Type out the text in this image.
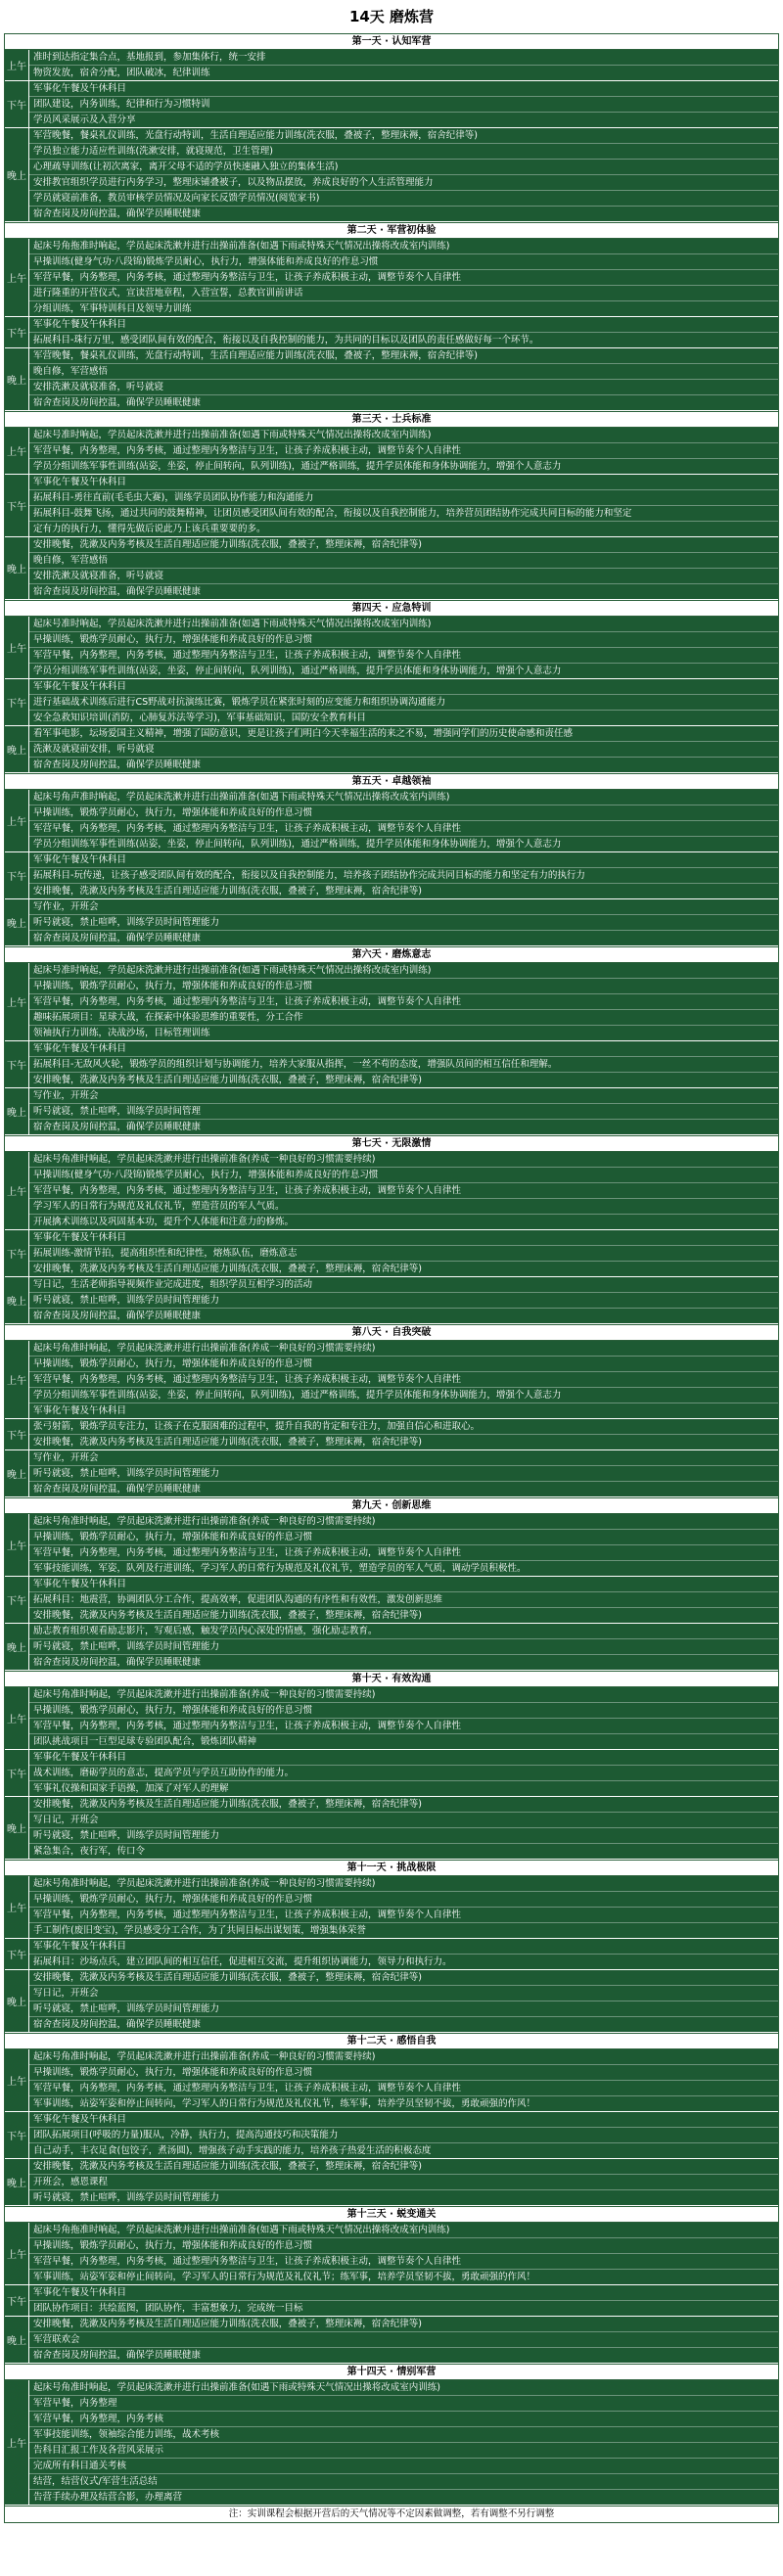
14天 磨炼营
第一天 · 认知军营
上午
准时到达指定集合点，基地报到，参加集体行，统一安排
物资发放，宿舍分配，团队破冰，纪律训练
下午
军事化午餐及午休科目
团队建设，内务训练，纪律和行为习惯特训
学员风采展示及入营分享
晚上
军营晚餐，餐桌礼仪训练，光盘行动特训，生活自理适应能力训练(洗衣服，叠被子，整理床褥，宿舍纪律等)
学员独立能力适应性训练(洗漱安排，就寝规范，卫生管理)
心理疏导训练(让初次离家，离开父母不适的学员快速融入独立的集体生活)
安排教官组织学员进行内务学习，整理床铺叠被子，以及物品摆放，养成良好的个人生活管理能力
学员就寝前准备，教员审核学员情况及向家长反馈学员情况(阅览家书)
宿舍查岗及房间控温，确保学员睡眠健康
第二天 · 军营初体验
上午
起床号角拖准时响起，学员起床洗漱并进行出操前准备(如遇下雨或特殊天气情况出操将改成室内训练)
早操训练(健身气功·八段锦)锻炼学员耐心，执行力，增强体能和养成良好的作息习惯
军营早餐，内务整理，内务考核，通过整理内务整洁与卫生，让孩子养成积极主动，调整节奏个人自律性
进行隆重的开营仪式，宣读营地章程，入营宣誓，总教官训前讲话
分组训练，军事特训科目及领导力训练
下午
军事化午餐及午休科目
拓展科目-珠行万里，感受团队间有效的配合，衔接以及自我控制的能力，为共同的目标以及团队的责任感做好每一个环节。
晚上
军营晚餐，餐桌礼仪训练，光盘行动特训，生活自理适应能力训练(洗衣服，叠被子，整理床褥，宿舍纪律等)
晚自修，军营感悟
安排洗漱及就寝准备，听号就寝
宿舍查岗及房间控温，确保学员睡眠健康
第三天 · 士兵标准
上午
起床号准时响起，学员起床洗漱并进行出操前准备(如遇下雨或特殊天气情况出操将改成室内训练)
军营早餐，内务整理，内务考核，通过整理内务整洁与卫生，让孩子养成积极主动，调整节奏个人自律性
学员分组训练军事性训练(站姿，坐姿，停止间转向，队列训练)，通过严格训练，提升学员体能和身体协调能力，增强个人意志力
下午
军事化午餐及午休科目
拓展科目-勇往直前(毛毛虫大赛)，训练学员团队协作能力和沟通能力
拓展科目-鼓舞飞扬，通过共同的鼓舞精神，让团员感受团队间有效的配合，衔接以及自我控制能力，培养营员团结协作完成共同目标的能力和坚定
定有力的执行力，懂得先做后说此乃上该兵重要要的多。
晚上
安排晚餐，洗漱及内务考核及生活自理适应能力训练(洗衣服，叠被子，整理床褥，宿舍纪律等)
晚自修，军营感悟
安排洗漱及就寝准备，听号就寝
宿舍查岗及房间控温，确保学员睡眠健康
第四天 · 应急特训
上午
起床号准时响起，学员起床洗漱并进行出操前准备(如遇下雨或特殊天气情况出操将改成室内训练)
早操训练，锻炼学员耐心，执行力，增强体能和养成良好的作息习惯
军营早餐，内务整理，内务考核，通过整理内务整洁与卫生，让孩子养成积极主动，调整节奏个人自律性
学员分组训练军事性训练(站姿，坐姿，停止间转向，队列训练)，通过严格训练，提升学员体能和身体协调能力，增强个人意志力
下午
军事化午餐及午休科目
进行基础战术训练后进行CS野战对抗演练比赛，锻炼学员在紧张时刻的应变能力和组织协调沟通能力
安全急救知识培训(消防，心肺复苏法等学习)，军事基础知识，国防安全教育科目
晚上
看军事电影，坛场爱国主义精神，增强了国防意识，更是让孩子们明白今天幸福生活的来之不易，增强同学们的历史使命感和责任感
洗漱及就寝前安排，听号就寝
宿舍查岗及房间控温，确保学员睡眠健康
第五天 · 卓越领袖
上午
起床号角声准时响起，学员起床洗漱并进行出操前准备(如遇下雨或特殊天气情况出操将改成室内训练)
早操训练，锻炼学员耐心，执行力，增强体能和养成良好的作息习惯
军营早餐，内务整理，内务考核，通过整理内务整洁与卫生，让孩子养成积极主动，调整节奏个人自律性
学员分组训练军事性训练(站姿，坐姿，停止间转向，队列训练)，通过严格训练，提升学员体能和身体协调能力，增强个人意志力
下午
军事化午餐及午休科目
拓展科目-玩传递，让孩子感受团队间有效的配合，衔接以及自我控制能力，培养孩子团结协作完成共同目标的能力和坚定有力的执行力
安排晚餐，洗漱及内务考核及生活自理适应能力训练(洗衣服，叠被子，整理床褥，宿舍纪律等)
晚上
写作业，开班会
听号就寝，禁止喧哗，训练学员时间管理能力
宿舍查岗及房间控温，确保学员睡眠健康
第六天 · 磨炼意志
上午
起床号准时响起，学员起床洗漱并进行出操前准备(如遇下雨或特殊天气情况出操将改成室内训练)
早操训练，锻炼学员耐心，执行力，增强体能和养成良好的作息习惯
军营早餐，内务整理，内务考核，通过整理内务整洁与卫生，让孩子养成积极主动，调整节奏个人自律性
趣味拓展项目：星球大战，在探索中体验思维的重要性，分工合作
领袖执行力训练，决战沙场，目标管理训练
下午
军事化午餐及午休科目
拓展科目-无敌风火轮，锻炼学员的组织计划与协调能力，培养大家服从指挥，一丝不苟的态度，增强队员间的相互信任和理解。
安排晚餐，洗漱及内务考核及生活自理适应能力训练(洗衣服，叠被子，整理床褥，宿舍纪律等)
晚上
写作业，开班会
听号就寝，禁止喧哗，训练学员时间管理
宿舍查岗及房间控温，确保学员睡眠健康
第七天 · 无限激情
上午
起床号角准时响起，学员起床洗漱并进行出操前准备(养成一种良好的习惯需要持续)
早操训练(健身气功·八段锦)锻炼学员耐心，执行力，增强体能和养成良好的作息习惯
军营早餐，内务整理，内务考核，通过整理内务整洁与卫生，让孩子养成积极主动，调整节奏个人自律性
学习军人的日常行为规范及礼仪礼节，塑造营员的军人气质。
开展擒术训练以及巩固基本功，提升个人体能和注意力的修炼。
下午
军事化午餐及午休科目
拓展训练-激情节拍，提高组织性和纪律性，熔炼队伍，磨炼意志
安排晚餐，洗漱及内务考核及生活自理适应能力训练(洗衣服，叠被子，整理床褥，宿舍纪律等)
晚上
写日记，生活老师指导视频作业完成进度，组织学员互相学习的活动
听号就寝，禁止喧哗，训练学员时间管理能力
宿舍查岗及房间控温，确保学员睡眠健康
第八天 · 自我突破
上午
起床号角准时响起，学员起床洗漱并进行出操前准备(养成一种良好的习惯需要持续)
早操训练，锻炼学员耐心，执行力，增强体能和养成良好的作息习惯
军营早餐，内务整理，内务考核，通过整理内务整洁与卫生，让孩子养成积极主动，调整节奏个人自律性
学员分组训练军事性训练(站姿，坐姿，停止间转向，队列训练)，通过严格训练，提升学员体能和身体协调能力，增强个人意志力
军事化午餐及午休科目
下午
张弓射箭，锻炼学员专注力，让孩子在克服困难的过程中，提升自我的肯定和专注力，加强自信心和进取心。
安排晚餐，洗漱及内务考核及生活自理适应能力训练(洗衣服，叠被子，整理床褥，宿舍纪律等)
晚上
写作业，开班会
听号就寝，禁止喧哗，训练学员时间管理能力
宿舍查岗及房间控温，确保学员睡眠健康
第九天 · 创新思维
上午
起床号角准时响起，学员起床洗漱并进行出操前准备(养成一种良好的习惯需要持续)
早操训练，锻炼学员耐心，执行力，增强体能和养成良好的作息习惯
军营早餐，内务整理，内务考核，通过整理内务整洁与卫生，让孩子养成积极主动，调整节奏个人自律性
军事技能训练，军姿，队列及行进训练，学习军人的日常行为规范及礼仪礼节，塑造学员的军人气质，调动学员积极性。
下午
军事化午餐及午休科目
拓展科目：地震营，协调团队分工合作，提高效率，促进团队沟通的有序性和有效性，激发创新思维
安排晚餐，洗漱及内务考核及生活自理适应能力训练(洗衣服，叠被子，整理床褥，宿舍纪律等)
晚上
励志教育组织观看励志影片，写观后感，触发学员内心深处的情感，强化励志教育。
听号就寝，禁止喧哗，训练学员时间管理能力
宿舍查岗及房间控温，确保学员睡眠健康
第十天 · 有效沟通
上午
起床号角准时响起，学员起床洗漱并进行出操前准备(养成一种良好的习惯需要持续)
早操训练，锻炼学员耐心，执行力，增强体能和养成良好的作息习惯
军营早餐，内务整理，内务考核，通过整理内务整洁与卫生，让孩子养成积极主动，调整节奏个人自律性
团队挑战项目一巨型足球专验团队配合，锻炼团队精神
下午
军事化午餐及午休科目
战术训练，磨砺学员的意志，提高学员与学员互助协作的能力。
军事礼仪操和国家手语操，加深了对军人的理解
晚上
安排晚餐，洗漱及内务考核及生活自理适应能力训练(洗衣服，叠被子，整理床褥，宿舍纪律等)
写日记，开班会
听号就寝，禁止喧哗，训练学员时间管理能力
紧急集合，夜行军，传口令
第十一天 · 挑战极限
上午
起床号角准时响起，学员起床洗漱并进行出操前准备(养成一种良好的习惯需要持续)
早操训练，锻炼学员耐心，执行力，增强体能和养成良好的作息习惯
军营早餐，内务整理，内务考核，通过整理内务整洁与卫生，让孩子养成积极主动，调整节奏个人自律性
手工制作(废旧变宝)，学员感受分工合作，为了共同目标出谋划策，增强集体荣誉
下午
军事化午餐及午休科目
拓展科目：沙场点兵，建立团队间的相互信任，促进相互交流，提升组织协调能力，领导力和执行力。
晚上
安排晚餐，洗漱及内务考核及生活自理适应能力训练(洗衣服，叠被子，整理床褥，宿舍纪律等)
写日记，开班会
听号就寝，禁止喧哗，训练学员时间管理能力
宿舍查岗及房间控温，确保学员睡眠健康
第十二天 · 感悟自我
上午
起床号角准时响起，学员起床洗漱并进行出操前准备(养成一种良好的习惯需要持续)
早操训练，锻炼学员耐心，执行力，增强体能和养成良好的作息习惯
军营早餐，内务整理，内务考核，通过整理内务整洁与卫生，让孩子养成积极主动，调整节奏个人自律性
军事训练，站姿军姿和停止间转向，学习军人的日常行为规范及礼仪礼节，练军事，培养学员坚韧不拔，勇敢顽强的作风！
下午
军事化午餐及午休科目
团队拓展项目(呼吸的力量)服从，冷静，执行力，提高沟通技巧和决策能力
自己动手，丰衣足食(包饺子，煮汤圆)，增强孩子动手实践的能力，培养孩子热爱生活的积极态度
晚上
安排晚餐，洗漱及内务考核及生活自理适应能力训练(洗衣服，叠被子，整理床褥，宿舍纪律等)
开班会，感恩课程
听号就寝，禁止喧哗，训练学员时间管理能力
第十三天 · 蜕变通关
上午
起床号角拖准时响起，学员起床洗漱并进行出操前准备(如遇下雨或特殊天气情况出操将改成室内训练)
早操训练，锻炼学员耐心，执行力，增强体能和养成良好的作息习惯
军营早餐，内务整理，内务考核，通过整理内务整洁与卫生，让孩子养成积极主动，调整节奏个人自律性
军事训练，站姿军姿和停止间转向，学习军人的日常行为规范及礼仪礼节；练军事，培养学员坚韧不拔，勇敢顽强的作风！
下午
军事化午餐及午休科目
团队协作项目：共绘蓝图，团队协作，丰富想象力，完成统一目标
晚上
安排晚餐，洗漱及内务考核及生活自理适应能力训练(洗衣服，叠被子，整理床褥，宿舍纪律等)
军营联欢会
宿舍查岗及房间控温，确保学员睡眠健康
第十四天 · 情别军营
上午
起床号角准时响起，学员起床洗漱并进行出操前准备(如遇下雨或特殊天气情况出操将改成室内训练)
军营早餐，内务整理
军营早餐，内务整理，内务考核
军事技能训练，领袖综合能力训练，战术考核
告科目汇报工作及各营风采展示
完成所有科目通关考核
结营，结营仪式/军营生活总结
告营手续办理及结营合影，办理离营
注：实训课程会根据开营后的天气情况等不定因素做调整，若有调整不另行调整
